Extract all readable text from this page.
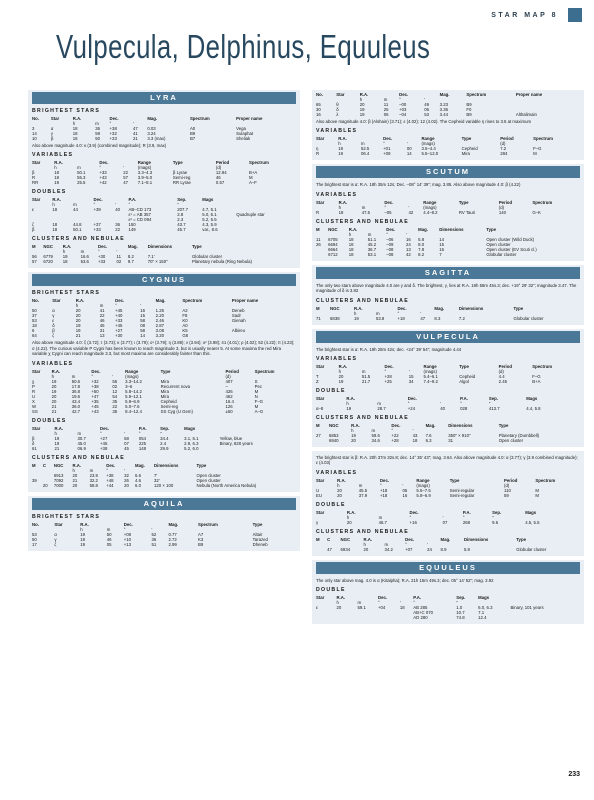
STAR MAP 8
Vulpecula, Delphinus, Equuleus
LYRA
BRIGHTEST STARS
No.	Star	R.A.		Dec.		Mag.	Spectrum	Proper name
		h	m	°	′			
3	α	18	36	+38	47	0.03	A0	Vega
14	γ	18	59	+32	41	3.24	B9	Sulaphat
10	β	18	50	+33	21	3.3 (max)	B7	Sheliak
Also above magnitude 4.0: κ (3.9) (combined magnitude); R (3.9, max)
VARIABLES
Star	R.A.		Dec.		Range	Type	Period	Spectrum
	h	m	°	′	(mags)		(d)	
β	18	50.1	+33	22	3.3–4.3	β Lyrae	12.94	B+A
R	18	55.3	+43	57	3.9–5.0	Semi-reg	46	M
RR	19	25.5	+42	47	7.1–8.1	RR Lyrae	0.57	A–F
DOUBLES
Star	R.A.		Dec.		P.A.	Sep.	Mags	
	h	m	°	′	°	″		
ε	18	44	+39	40	AB–CD 173	207.7	4.7, 5.1	
					ε¹ = AB 357	2.8	5.0, 6.1	Quadruple star
					ε² = CD 094	2.3	5.2, 5.5	
ζ	18	44.8	+37	36	150	43.7	4.3, 5.9	
β	18	50.1	+33	22	149	45.7	var., 8.6	
CLUSTERS AND NEBULAE
M	NGC	R.A.		Dec.		Mag.	Dimensions	Type
		h	m	°	′			
56	6779	19	16.6	+30	11	8.2	7.1′	Globular cluster
57	6720	18	53.6	+33	02	9.7	70″ × 150″	Planetary nebula (Ring Nebula)
CYGNUS
BRIGHTEST STARS
No.	Star	R.A.		Dec.		Mag.	Spectrum	Proper name
		h	m	°	′			
50	α	20	41	+45	16	1.25	A2	Deneb
37	γ	20	22	+40	15	2.20	F8	Sadr
53	ε	20	46	+33	58	2.46	K0	Gienah
18	δ	19	45	+45	08	2.87	A0	
6	β	19	31	+27	58	3.08	K5	Albireo
64	ζ	21	13	+30	14	3.20	G8	
Also above magnitude 4.0: ξ (3.72); τ (3.73); κ (3.77); ι (3.79); o¹ (3.79); η (3.89); ν (3.94); o² (3.98); 41 (4.01); ρ (4.02); 52 (4.22); π (4.23); σ (4.22). The curious variable P Cygni has been known to reach magnitude 3, but is usually nearer 5. At some maxima the red Mira variable χ Cygni can reach magnitude 3.3, but most maxima are considerably fainter than this.
VARIABLES
Star	R.A.		Dec.		Range	Type	Period	Spectrum
	h	m	°	′	(mags)		(d)	
χ	19	50.6	+32	55	3.3–14.2	Mira	407	S
P	20	17.8	+38	02	3–6	Recurrent nova	–	Pec
R	19	36.8	+50	12	5.8–14.2	Mira	426	M
U	20	19.6	+47	54	5.9–12.1	Mira	462	N
X	20	43.4	+35	35	5.9–6.9	Cepheid	16.4	F–G
W	21	36.0	+45	22	5.0–7.6	Semi-reg	126	M
SS	21	42.7	+43	35	8.4–12.4	SS Cyg (U Gem)	±50	A–G
DOUBLES
Star	R.A.		Dec.		P.A.	Sep.	Mags	
	h	m	°	′	°	″		
β	19	30.7	+27	58	054	34.4	3.1, 5.1	Yellow, blue
δ	19	45.0	+45	07	225	2.4	2.9, 6.3	Binary, 828 years
61	21	06.9	+38	45	148	29.9	5.2, 6.0	
CLUSTERS AND NEBULAE
M	C	NGC	R.A.		Dec.		Mag.	Dimensions	Type
			h	m	°	′			
		6913	20	23.9	+38	32	6.6	7′	Open cluster
39		7092	21	32.2	+48	26	4.6	32′	Open cluster
	20	7000	20	58.8	+44	20	6.0	120 × 100	Nebula (North America Nebula)
AQUILA
BRIGHTEST STARS
No.	Star	R.A.		Dec.		Mag.	Spectrum	Type
		h	m	°	′			
53	α	19	50	+08	52	0.77	A7	Altair
50	γ	19	46	+10	36	2.72	K3	Tarazed
17	ζ	19	05	+13	51	2.99	B9	Dheneb
No.	Star	R.A.		Dec.		Mag.	Spectrum	Proper name
		h	m	°	′			
65	θ	20	11	–00	49	3.23	B9	
30	δ	19	25	+03	06	3.36	F0	
16	λ	19	06	–04	53	3.44	B9	Althalimain
Also above magnitude 4.0: β (Alshain) (3.71); ε (4.02); 12 (4.02). The Cepheid variable η rises to 3.5 at maximum
VARIABLES
Star	R.A.		Dec.		Range	Type	Period	Spectrum
	h	m	°	′	(mags)		(d)	
η	19	52.5	+01	00	3.5–4.4	Cepheid	7.2	F–G
R	19	06.4	+08	14	5.5–12.0	Mira	284	M
SCUTUM
The brightest star is α: R.A. 18h 35m 12s; Dec. –08° 14′ 39″; mag. 3.85. Also above magnitude 4.0: β (4.22)
VARIABLES
Star	R.A.		Dec.		Range	Type	Period	Spectrum
	h	m	°	′	(mags)		(d)	
R	18	47.5	–05	42	4.4–8.2	RV Tauri	140	G–K
CLUSTERS AND NEBULAE
M	NGC	R.A.		Dec.		Mag.	Dimensions	Type
		h	m	°	′			
11	6705	18	51.1	–06	16	5.8	14	Open cluster (Wild Duck)
26	6694	18	45.2	–09	24	8.0	15	Open cluster
	6664	18	36.7	–08	13	7.8	16	Open cluster (EV Scuti cl.)
	6712	18	53.1	–08	42	8.2	7	Globular cluster
SAGITTA
The only two stars above magnitude 4.0 are γ and δ. The brightest, γ, lies at R.A. 19h 58m 45s.3; dec. +19° 29′ 32″; magnitude 3.47. The magnitude of δ is 3.82
CLUSTERS AND NEBULAE
M	NGC	R.A.		Dec.		Mag.	Dimensions	Type
		h	m	°	′			
71	6838	19	53.8	+18	47	8.3	7.2	Globular cluster
VULPECULA
The brightest star is α: R.A. 19h 28m 42s; dec. +24° 39′ 54″; magnitude 4.44
VARIABLES
Star	R.A.		Dec.		Range	Type	Period	Spectrum
	h	m	°	′	(mags)		(d)	
T	20	51.5	+28	15	5.4–6.1	Cepheid	4.4	F–G
Z	19	21.7	+25	34	7.4–9.2	Algol	2.45	B+A
DOUBLE
Star	R.A.		Dec.		P.A.	Sep.	Mags	
	h	m	°	′	°	″		
α–8	19	28.7	+24	40	028	413.7	4.4, 5.8	
CLUSTERS AND NEBULAE
M	NGC	R.A.		Dec.		Mag.	Dimensions	Type
		h	m	°	′			
27	6853	19	59.6	+22	43	7.6	350″ × 910″	Planetary (Dumbbell)
	6940	20	34.6	+28	18	6.3	31	Open cluster
The brightest star is β: R.A. 20h 37m 32s.8; dec. 14° 35′ 43″; mag. 3.64. Also above magnitude 4.0: α (3.77); γ (3.9 combined magnitude); ε (4.03)
VARIABLES
Star	R.A.		Dec.		Range	Type	Period	Spectrum
	h	m	°	′	(mags)		(d)	
U	20	45.5	+18	05	5.6–7.5	Semi-regular	110	M
EU	20	37.9	+18	16	5.8–6.9	Semi-regular	59	M
DOUBLE
Star	R.A.		Dec.		P.A.	Sep.	Mags	
	h	m	°	′	°	″		
γ	20	46.7	+16	07	268	9.6	4.5, 5.5	
CLUSTERS AND NEBULAE
M	C	NGC	R.A.		Dec.		Mag.	Dimensions	Type
			h	m	°	′			
	47	6934	20	34.2	+07	24	8.9	5.9	Globular cluster
EQUULEUS
The only star above mag. 4.0 is α (Kitalpha); R.A. 21h 15m 49s.3; dec. 05° 14′ 52″; mag. 3.92
DOUBLE
Star	R.A.		Dec.		P.A.	Sep.	Mags	
	h	m	°	′	°	″		
ε	20	59.1	+04	18	AB 285	1.0	6.0, 6.3	Binary, 101 years
					AB+C 070	10.7	7.1	
					AD 280	74.8	12.4	
233
